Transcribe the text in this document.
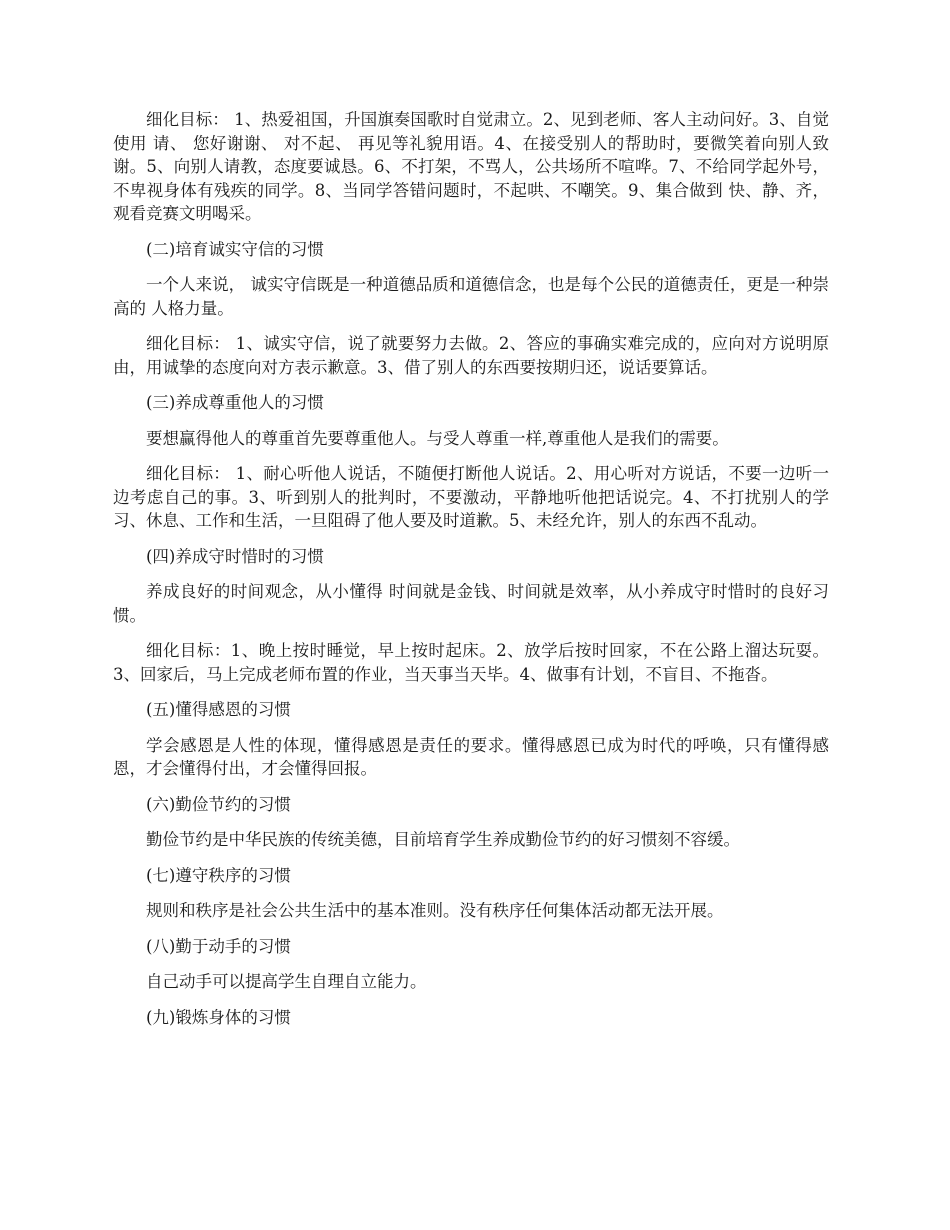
细化目标： 1、热爱祖国，升国旗奏国歌时自觉肃立。2、见到老师、客人主动问好。3、自觉使用 请、 您好谢谢、 对不起、 再见等礼貌用语。4、在接受别人的帮助时，要微笑着向别人致谢。5、向别人请教，态度要诚恳。6、不打架，不骂人，公共场所不喧哗。7、不给同学起外号，不卑视身体有残疾的同学。8、当同学答错问题时，不起哄、不嘲笑。9、集合做到 快、静、齐，观看竞赛文明喝采。

(二)培育诚实守信的习惯

一个人来说， 诚实守信既是一种道德品质和道德信念，也是每个公民的道德责任，更是一种崇高的 人格力量。

细化目标： 1、诚实守信，说了就要努力去做。2、答应的事确实难完成的，应向对方说明原由，用诚挚的态度向对方表示歉意。3、借了别人的东西要按期归还，说话要算话。

(三)养成尊重他人的习惯

要想赢得他人的尊重首先要尊重他人。与受人尊重一样,尊重他人是我们的需要。

细化目标： 1、耐心听他人说话，不随便打断他人说话。2、用心听对方说话，不要一边听一边考虑自己的事。3、听到别人的批判时，不要激动，平静地听他把话说完。4、不打扰别人的学习、休息、工作和生活，一旦阻碍了他人要及时道歉。5、未经允许，别人的东西不乱动。

(四)养成守时惜时的习惯

养成良好的时间观念，从小懂得 时间就是金钱、时间就是效率，从小养成守时惜时的良好习惯。

细化目标：1、晚上按时睡觉，早上按时起床。2、放学后按时回家，不在公路上溜达玩耍。3、回家后，马上完成老师布置的作业，当天事当天毕。4、做事有计划，不盲目、不拖沓。

(五)懂得感恩的习惯

学会感恩是人性的体现，懂得感恩是责任的要求。懂得感恩已成为时代的呼唤，只有懂得感恩，才会懂得付出，才会懂得回报。

(六)勤俭节约的习惯

勤俭节约是中华民族的传统美德，目前培育学生养成勤俭节约的好习惯刻不容缓。

(七)遵守秩序的习惯

规则和秩序是社会公共生活中的基本准则。没有秩序任何集体活动都无法开展。

(八)勤于动手的习惯

自己动手可以提高学生自理自立能力。

(九)锻炼身体的习惯
